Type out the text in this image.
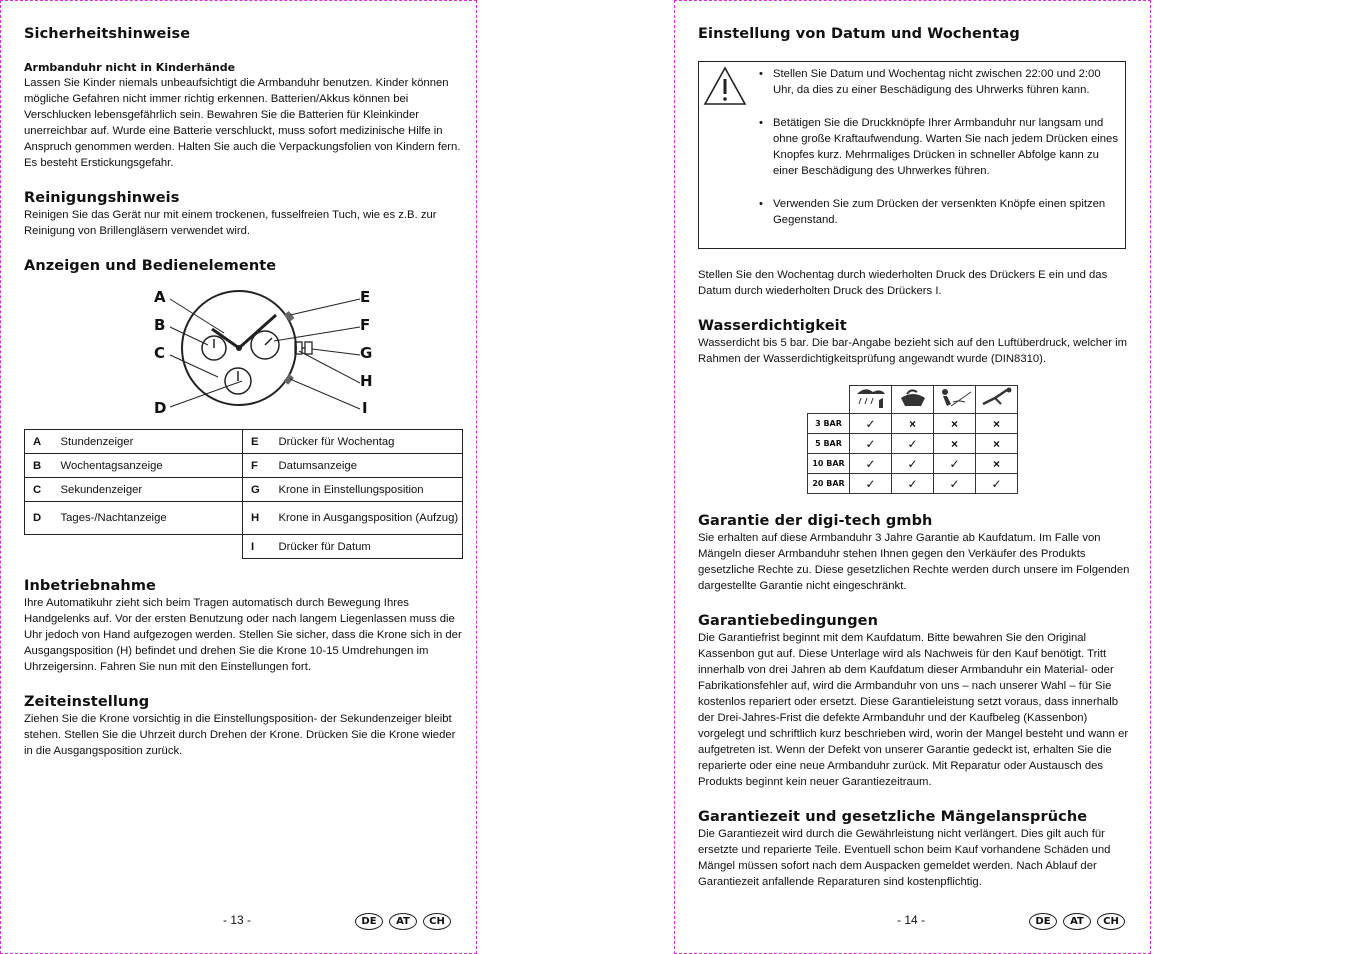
Sicherheitshinweise
Armbanduhr nicht in Kinderhände

Lassen Sie Kinder niemals unbeaufsichtigt die Armbanduhr benutzen. Kinder können mögliche Gefahren nicht immer richtig erkennen. Batterien/Akkus können bei Verschlucken lebensgefährlich sein. Bewahren Sie die Batterien für Kleinkinder unerreichbar auf. Wurde eine Batterie verschluckt, muss sofort medizinische Hilfe in Anspruch genommen werden. Halten Sie auch die Verpackungsfolien von Kindern fern. Es besteht Erstickungsgefahr.

Reinigungshinweis

Reinigen Sie das Gerät nur mit einem trockenen, fusselfreien Tuch, wie es z.B. zur Reinigung von Brillengläsern verwendet wird.

Anzeigen und Bedienelemente
A
B
C
D
E
F
G
H
I
A	Stundenzeiger	E	Drücker für Wochentag
B	Wochentagsanzeige	F	Datumsanzeige
C	Sekundenzeiger	G	Krone in Einstellungsposition
D	Tages-/Nachtanzeige	H	Krone in Ausgangsposition (Aufzug)
		I	Drücker für Datum
Inbetriebnahme

Ihre Automatikuhr zieht sich beim Tragen automatisch durch Bewegung Ihres Handgelenks auf. Vor der ersten Benutzung oder nach langem Liegenlassen muss die Uhr jedoch von Hand aufgezogen werden. Stellen Sie sicher, dass die Krone sich in der Ausgangsposition (H) befindet und drehen Sie die Krone 10-15 Umdrehungen im Uhrzeigersinn. Fahren Sie nun mit den Einstellungen fort.

Zeiteinstellung

Ziehen Sie die Krone vorsichtig in die Einstellungsposition- der Sekundenzeiger bleibt stehen. Stellen Sie die Uhrzeit durch Drehen der Krone. Drücken Sie die Krone wieder in die Ausgangsposition zurück.

- 13 -	DE	AT	CH
Einstellung von Datum und Wochentag
• Stellen Sie Datum und Wochentag nicht zwischen 22:00 und 2:00 Uhr, da dies zu einer Beschädigung des Uhrwerks führen kann.
• Betätigen Sie die Druckknöpfe Ihrer Armbanduhr nur langsam und ohne große Kraftaufwendung. Warten Sie nach jedem Drücken eines Knopfes kurz. Mehrmaliges Drücken in schneller Abfolge kann zu einer Beschädigung des Uhrwerkes führen.
• Verwenden Sie zum Drücken der versenkten Knöpfe einen spitzen Gegenstand.

Stellen Sie den Wochentag durch wiederholten Druck des Drückers E ein und das Datum durch wiederholten Druck des Drückers I.

Wasserdichtigkeit

Wasserdicht bis 5 bar. Die bar-Angabe bezieht sich auf den Luftüberdruck, welcher im Rahmen der Wasserdichtigkeitsprüfung angewandt wurde (DIN8310).

3 BAR	✓	×	×	×
5 BAR	✓	✓	×	×
10 BAR	✓	✓	✓	×
20 BAR	✓	✓	✓	✓
Garantie der digi-tech gmbh

Sie erhalten auf diese Armbanduhr 3 Jahre Garantie ab Kaufdatum. Im Falle von Mängeln dieser Armbanduhr stehen Ihnen gegen den Verkäufer des Produkts gesetzliche Rechte zu. Diese gesetzlichen Rechte werden durch unsere im Folgenden dargestellte Garantie nicht eingeschränkt.

Garantiebedingungen

Die Garantiefrist beginnt mit dem Kaufdatum. Bitte bewahren Sie den Original Kassenbon gut auf. Diese Unterlage wird als Nachweis für den Kauf benötigt. Tritt innerhalb von drei Jahren ab dem Kaufdatum dieser Armbanduhr ein Material- oder Fabrikationsfehler auf, wird die Armbanduhr von uns – nach unserer Wahl – für Sie kostenlos repariert oder ersetzt. Diese Garantieleistung setzt voraus, dass innerhalb der Drei-Jahres-Frist die defekte Armbanduhr und der Kaufbeleg (Kassenbon) vorgelegt und schriftlich kurz beschrieben wird, worin der Mangel besteht und wann er aufgetreten ist. Wenn der Defekt von unserer Garantie gedeckt ist, erhalten Sie die reparierte oder eine neue Armbanduhr zurück. Mit Reparatur oder Austausch des Produkts beginnt kein neuer Garantiezeitraum.

Garantiezeit und gesetzliche Mängelansprüche

Die Garantiezeit wird durch die Gewährleistung nicht verlängert. Dies gilt auch für ersetzte und reparierte Teile. Eventuell schon beim Kauf vorhandene Schäden und Mängel müssen sofort nach dem Auspacken gemeldet werden. Nach Ablauf der Garantiezeit anfallende Reparaturen sind kostenpflichtig.

- 14 -	DE	AT	CH
